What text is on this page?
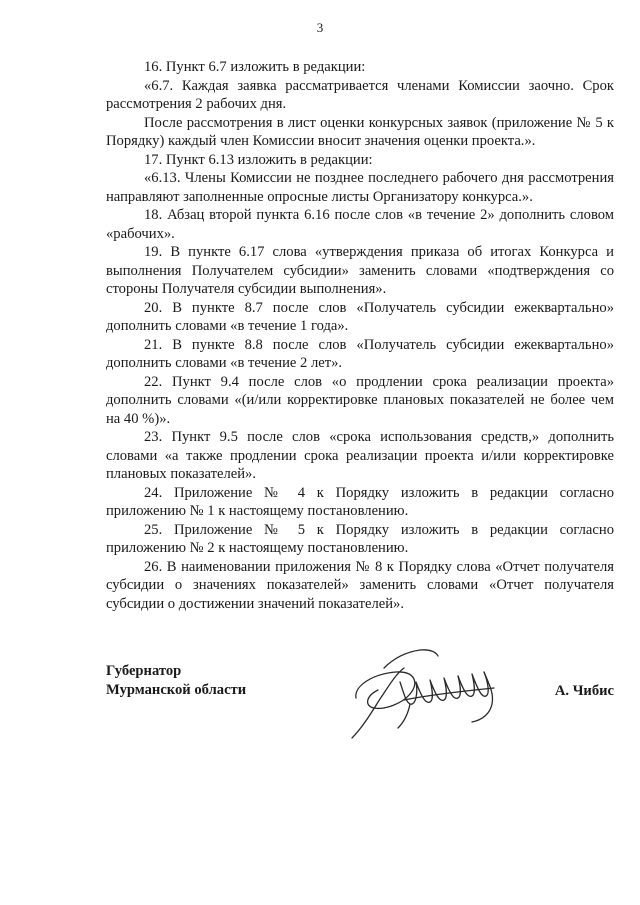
3

16. Пункт 6.7 изложить в редакции:

«6.7. Каждая заявка рассматривается членами Комиссии заочно. Срок рассмотрения 2 рабочих дня.

После рассмотрения в лист оценки конкурсных заявок (приложение № 5 к Порядку) каждый член Комиссии вносит значения оценки проекта.».

17. Пункт 6.13 изложить в редакции:

«6.13. Члены Комиссии не позднее последнего рабочего дня рассмотрения направляют заполненные опросные листы Организатору конкурса.».

18. Абзац второй пункта 6.16 после слов «в течение 2» дополнить словом «рабочих».

19. В пункте 6.17 слова «утверждения приказа об итогах Конкурса и выполнения Получателем субсидии» заменить словами «подтверждения со стороны Получателя субсидии выполнения».

20. В пункте 8.7 после слов «Получатель субсидии ежеквартально» дополнить словами «в течение 1 года».

21. В пункте 8.8 после слов «Получатель субсидии ежеквартально» дополнить словами «в течение 2 лет».

22. Пункт 9.4 после слов «о продлении срока реализации проекта» дополнить словами «(и/или корректировке плановых показателей не более чем на 40 %)».

23. Пункт 9.5 после слов «срока использования средств,» дополнить словами «а также продлении срока реализации проекта и/или корректировке плановых показателей».

24. Приложение № 4 к Порядку изложить в редакции согласно приложению № 1 к настоящему постановлению.

25. Приложение № 5 к Порядку изложить в редакции согласно приложению № 2 к настоящему постановлению.

26. В наименовании приложения № 8 к Порядку слова «Отчет получателя субсидии о значениях показателей» заменить словами «Отчет получателя субсидии о достижении значений показателей».

Губернатор
Мурманской области	А. Чибис
